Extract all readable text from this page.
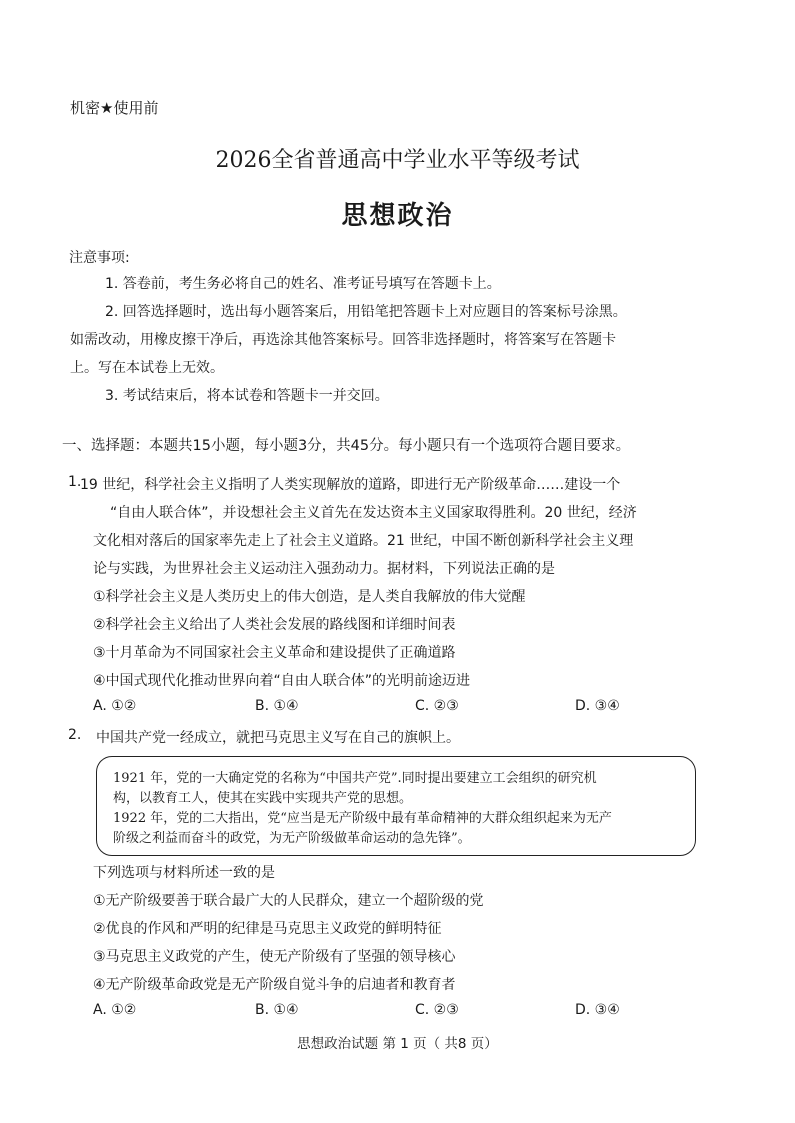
机密★使用前
2026全省普通高中学业水平等级考试
思想政治
注意事项:
1. 答卷前，考生务必将自己的姓名、准考证号填写在答题卡上。
2. 回答选择题时，选出每小题答案后，用铅笔把答题卡上对应题目的答案标号涂黑。
如需改动，用橡皮擦干净后，再选涂其他答案标号。回答非选择题时，将答案写在答题卡
上。写在本试卷上无效。
3. 考试结束后，将本试卷和答题卡一并交回。
一、选择题：本题共15小题，每小题3分，共45分。每小题只有一个选项符合题目要求。
1.
19 世纪，科学社会主义指明了人类实现解放的道路，即进行无产阶级革命……建设一个
“自由人联合体”，并设想社会主义首先在发达资本主义国家取得胜利。20 世纪，经济
文化相对落后的国家率先走上了社会主义道路。21 世纪，中国不断创新科学社会主义理
论与实践，为世界社会主义运动注入强劲动力。据材料，下列说法正确的是
①科学社会主义是人类历史上的伟大创造，是人类自我解放的伟大觉醒
②科学社会主义给出了人类社会发展的路线图和详细时间表
③十月革命为不同国家社会主义革命和建设提供了正确道路
④中国式现代化推动世界向着“自由人联合体”的光明前途迈进
A. ①②	B. ①④	C. ②③	D. ③④
2. 中国共产党一经成立，就把马克思主义写在自己的旗帜上。
1921 年，党的一大确定党的名称为“中国共产党”.同时提出要建立工会组织的研究机
构，以教育工人，使其在实践中实现共产党的思想。
1922 年，党的二大指出，党“应当是无产阶级中最有革命精神的大群众组织起来为无产
阶级之利益而奋斗的政党，为无产阶级做革命运动的急先锋”。
下列选项与材料所述一致的是
①无产阶级要善于联合最广大的人民群众，建立一个超阶级的党
②优良的作风和严明的纪律是马克思主义政党的鲜明特征
③马克思主义政党的产生，使无产阶级有了坚强的领导核心
④无产阶级革命政党是无产阶级自觉斗争的启迪者和教育者
A. ①②	B. ①④	C. ②③	D. ③④
思想政治试题 第 1 页（ 共8 页）
